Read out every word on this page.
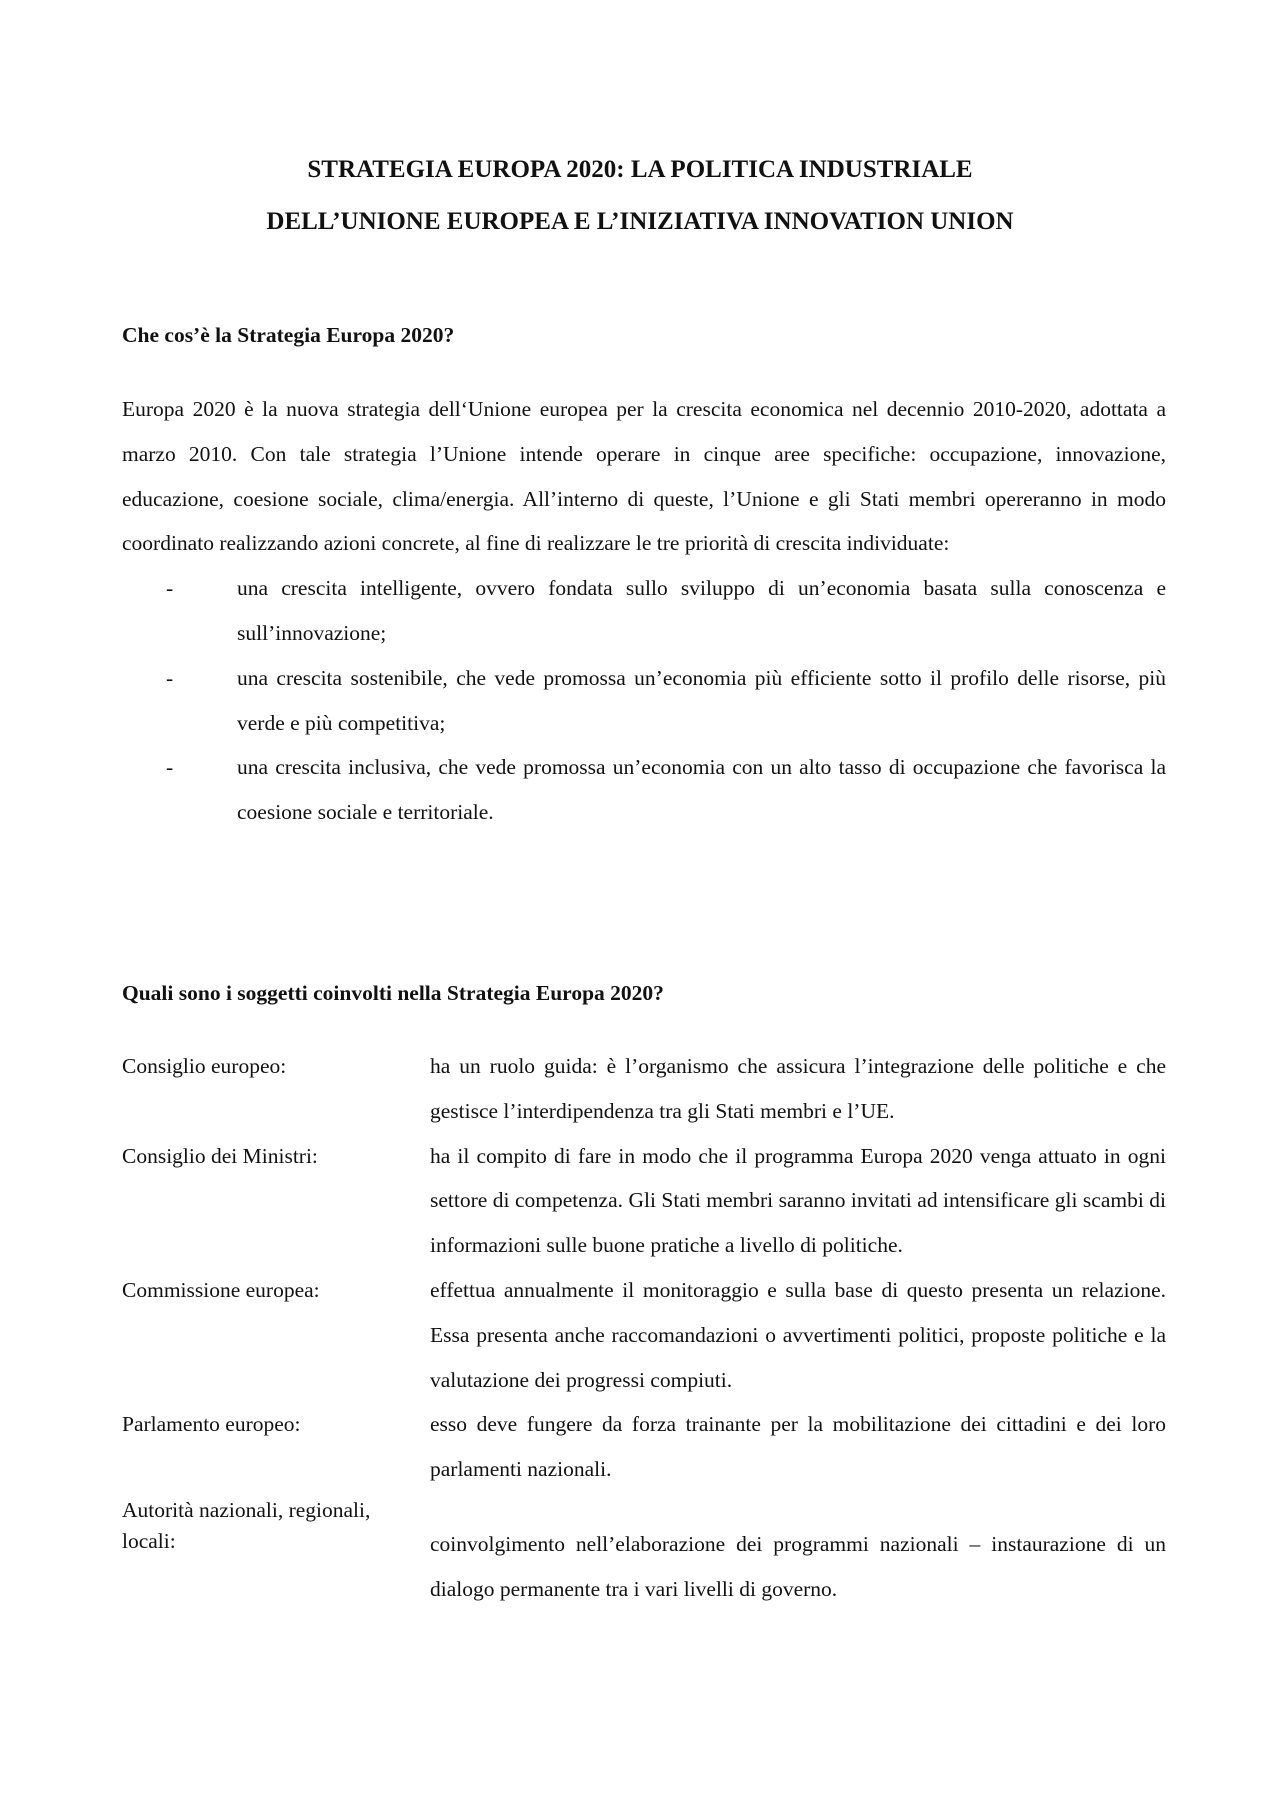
STRATEGIA EUROPA 2020: LA POLITICA INDUSTRIALE
DELL’UNIONE EUROPEA E L’INIZIATIVA INNOVATION UNION
Che cos’è la Strategia Europa 2020?
Europa 2020 è la nuova strategia dell‘Unione europea per la crescita economica nel decennio 2010-2020, adottata a marzo 2010. Con tale strategia l’Unione intende operare in cinque aree specifiche: occupazione, innovazione, educazione, coesione sociale, clima/energia. All’interno di queste, l’Unione e gli Stati membri opereranno in modo coordinato realizzando azioni concrete, al fine di realizzare le tre priorità di crescita individuate:
-	una crescita intelligente, ovvero fondata sullo sviluppo di un’economia basata sulla conoscenza e sull’innovazione;
-	una crescita sostenibile, che vede promossa un’economia più efficiente sotto il profilo delle risorse, più verde e più competitiva;
-	una crescita inclusiva, che vede promossa un’economia con un alto tasso di occupazione che favorisca la coesione sociale e territoriale.
Quali sono i soggetti coinvolti nella Strategia Europa 2020?
Consiglio europeo:	ha un ruolo guida: è l’organismo che assicura l’integrazione delle politiche e che gestisce l’interdipendenza tra gli Stati membri e l’UE.
Consiglio dei Ministri:	ha il compito di fare in modo che il programma Europa 2020 venga attuato in ogni settore di competenza. Gli Stati membri saranno invitati ad intensificare gli scambi di informazioni sulle buone pratiche a livello di politiche.
Commissione europea:	effettua annualmente il monitoraggio e sulla base di questo presenta un relazione. Essa presenta anche raccomandazioni o avvertimenti politici, proposte politiche e la valutazione dei progressi compiuti.
Parlamento europeo:	esso deve fungere da forza trainante per la mobilitazione dei cittadini e dei loro parlamenti nazionali.
Autorità nazionali, regionali, locali:	coinvolgimento nell’elaborazione dei programmi nazionali – instaurazione di un dialogo permanente tra i vari livelli di governo.
